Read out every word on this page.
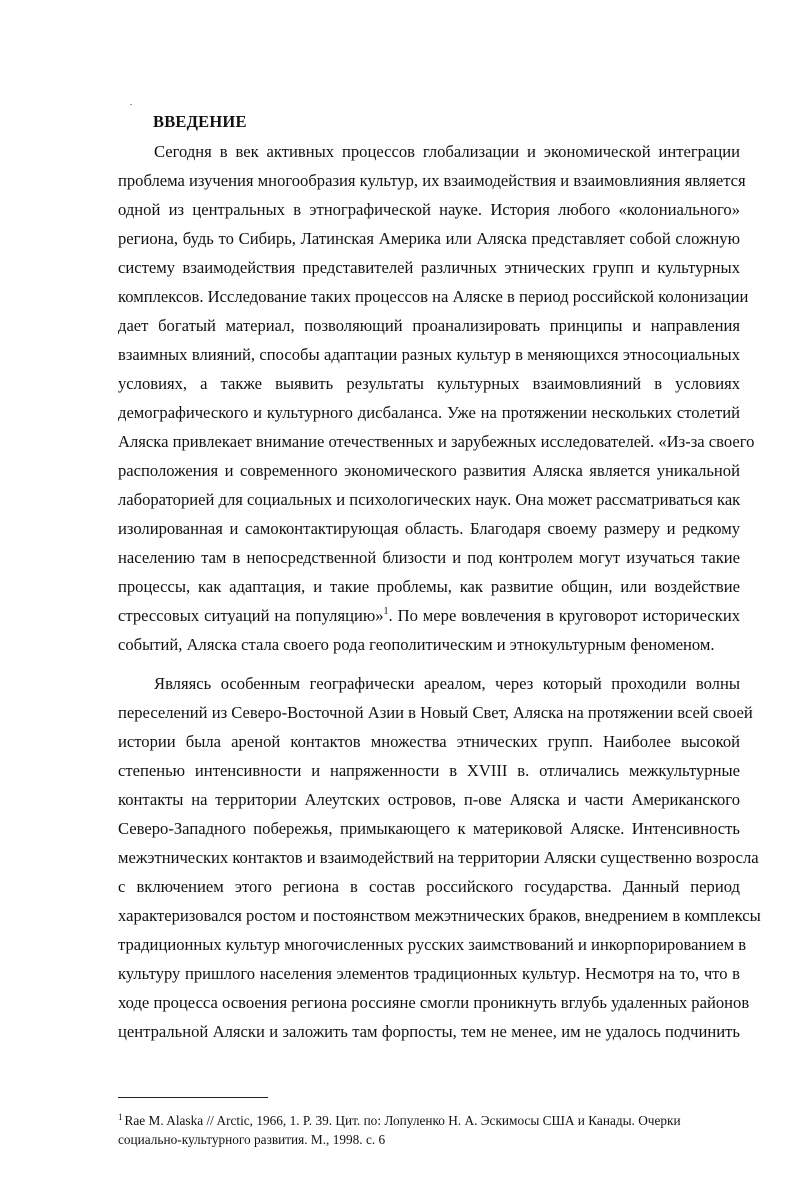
ВВЕДЕНИЕ
Сегодня в век активных процессов глобализации и экономической интеграции
проблема изучения многообразия культур, их взаимодействия и взаимовлияния является
одной из центральных в этнографической науке. История любого «колониального»
региона, будь то Сибирь, Латинская Америка или Аляска представляет собой сложную
систему взаимодействия представителей различных этнических групп и культурных
комплексов. Исследование таких процессов на Аляске в период российской колонизации
дает богатый материал, позволяющий проанализировать принципы и направления
взаимных влияний, способы адаптации разных культур в меняющихся этносоциальных
условиях, а также выявить результаты культурных взаимовлияний в условиях
демографического и культурного дисбаланса. Уже на протяжении нескольких столетий
Аляска привлекает внимание отечественных и зарубежных исследователей. «Из-за своего
расположения и современного экономического развития Аляска является уникальной
лабораторией для социальных и психологических наук. Она может рассматриваться как
изолированная и самоконтактирующая область. Благодаря своему размеру и редкому
населению там в непосредственной близости и под контролем могут изучаться такие
процессы, как адаптация, и такие проблемы, как развитие общин, или воздействие
стрессовых ситуаций на популяцию»$^1$. По мере вовлечения в круговорот исторических
событий, Аляска стала своего рода геополитическим и этнокультурным феноменом.
Являясь особенным географически ареалом, через который проходили волны
переселений из Северо-Восточной Азии в Новый Свет, Аляска на протяжении всей своей
истории была ареной контактов множества этнических групп. Наиболее высокой
степенью интенсивности и напряженности в XVIII в. отличались межкультурные
контакты на территории Алеутских островов, п-ове Аляска и части Американского
Северо-Западного побережья, примыкающего к материковой Аляске. Интенсивность
межэтнических контактов и взаимодействий на территории Аляски существенно возросла
с включением этого региона в состав российского государства. Данный период
характеризовался ростом и постоянством межэтнических браков, внедрением в комплексы
традиционных культур многочисленных русских заимствований и инкорпорированием в
культуру пришлого населения элементов традиционных культур. Несмотря на то, что в
ходе процесса освоения региона россияне смогли проникнуть вглубь удаленных районов
центральной Аляски и заложить там форпосты, тем не менее, им не удалось подчинить
$^1$ Rae M. Alaska // Arctic, 1966, 1. P. 39. Цит. по: Лопуленко Н. А. Эскимосы США и Канады. Очерки
социально-культурного развития. М., 1998. с. 6
